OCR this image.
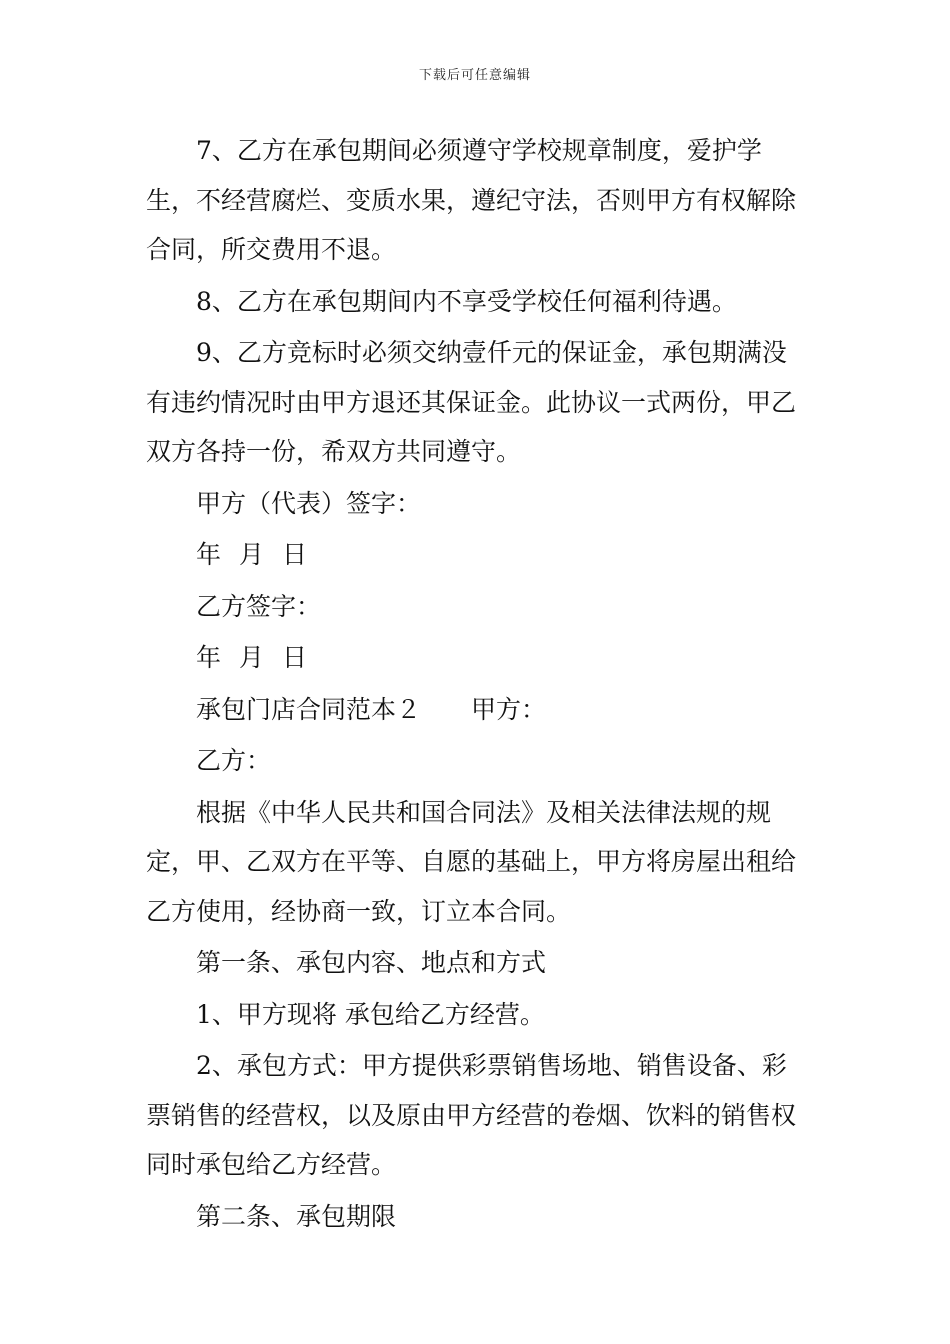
下载后可任意编辑

7、乙方在承包期间必须遵守学校规章制度，爱护学生，不经营腐烂、变质水果，遵纪守法，否则甲方有权解除合同，所交费用不退。

8、乙方在承包期间内不享受学校任何福利待遇。

9、乙方竞标时必须交纳壹仟元的保证金，承包期满没有违约情况时由甲方退还其保证金。此协议一式两份，甲乙双方各持一份，希双方共同遵守。

甲方（代表）签字：

年 月 日

乙方签字：

年 月 日

承包门店合同范本２ 甲方：

乙方：

根据《中华人民共和国合同法》及相关法律法规的规定，甲、乙双方在平等、自愿的基础上，甲方将房屋出租给乙方使用，经协商一致，订立本合同。

第一条、承包内容、地点和方式

1、甲方现将 承包给乙方经营。

2、承包方式：甲方提供彩票销售场地、销售设备、彩票销售的经营权，以及原由甲方经营的卷烟、饮料的销售权同时承包给乙方经营。

第二条、承包期限
